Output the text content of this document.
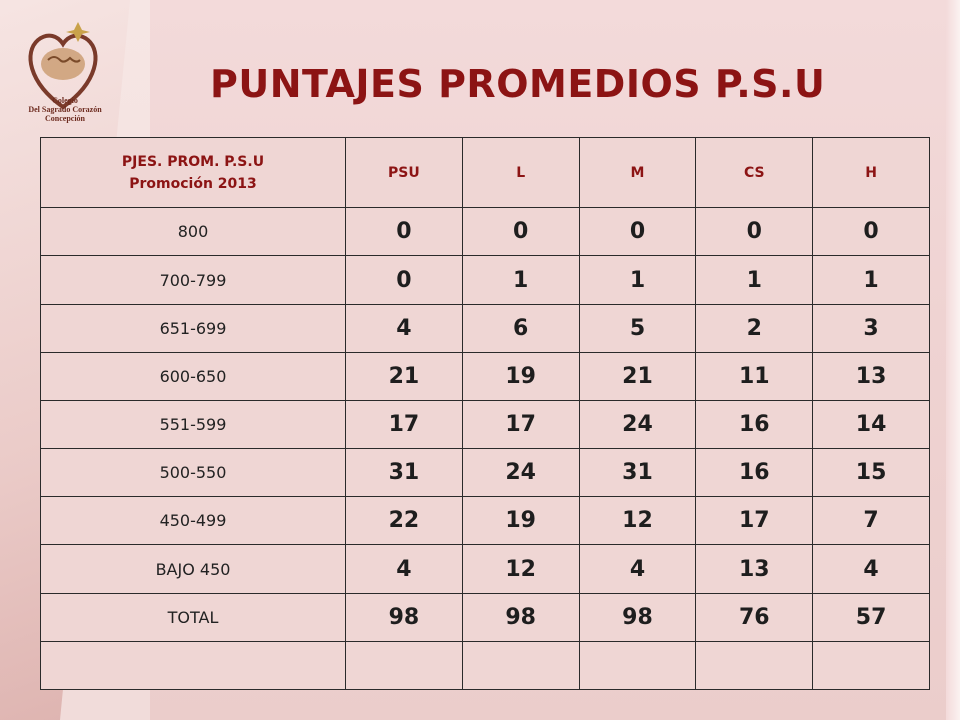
Colegio
Del Sagrado Corazón
Concepción
PUNTAJES PROMEDIOS P.S.U
PJES. PROM. P.S.U
Promoción 2013	PSU	L	M	CS	H
800	0	0	0	0	0
700-799	0	1	1	1	1
651-699	4	6	5	2	3
600-650	21	19	21	11	13
551-599	17	17	24	16	14
500-550	31	24	31	16	15
450-499	22	19	12	17	7
BAJO 450	4	12	4	13	4
TOTAL	98	98	98	76	57
